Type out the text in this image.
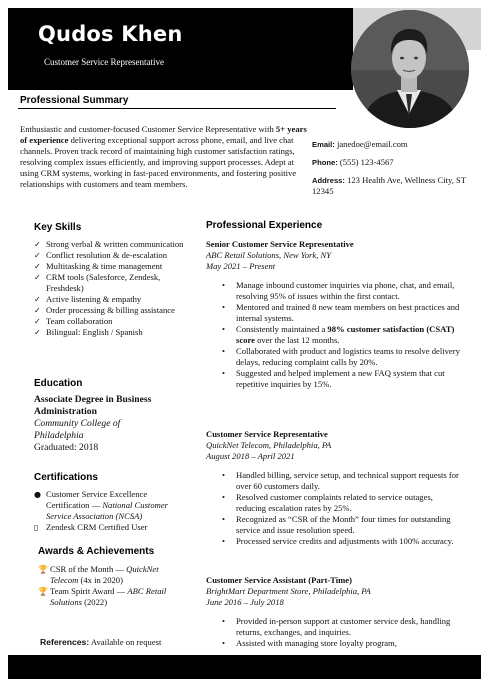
Qudos Khen
Customer Service Representative
Professional Summary
Enthusiastic and customer-focused Customer Service Representative with 5+ years of experience delivering exceptional support across phone, email, and live chat channels. Proven track record of maintaining high customer satisfaction ratings, resolving complex issues efficiently, and improving support processes. Adept at using CRM systems, working in fast-paced environments, and fostering positive relationships with customers and team members.
Email: janedoe@email.com
Phone: (555) 123-4567
Address: 123 Health Ave, Wellness City, ST 12345
Key Skills
✓ Strong verbal & written communication
✓ Conflict resolution & de-escalation
✓ Multitasking & time management
✓ CRM tools (Salesforce, Zendesk, Freshdesk)
✓ Active listening & empathy
✓ Order processing & billing assistance
✓ Team collaboration
✓ Bilingual: English / Spanish
Education
Associate Degree in Business Administration
Community College of Philadelphia
Graduated: 2018
Certifications
● Customer Service Excellence Certification — National Customer Service Association (NCSA)
▯ Zendesk CRM Certified User
Awards & Achievements
🏆 CSR of the Month — QuickNet Telecom (4x in 2020)
🏆 Team Spirit Award — ABC Retail Solutions (2022)
References: Available on request
Professional Experience
Senior Customer Service Representative
ABC Retail Solutions, New York, NY
May 2021 – Present
• Manage inbound customer inquiries via phone, chat, and email, resolving 95% of issues within the first contact.
• Mentored and trained 8 new team members on best practices and internal systems.
• Consistently maintained a 98% customer satisfaction (CSAT) score over the last 12 months.
• Collaborated with product and logistics teams to resolve delivery delays, reducing complaint calls by 20%.
• Suggested and helped implement a new FAQ system that cut repetitive inquiries by 15%.
Customer Service Representative
QuickNet Telecom, Philadelphia, PA
August 2018 – April 2021
• Handled billing, service setup, and technical support requests for over 60 customers daily.
• Resolved customer complaints related to service outages, reducing escalation rates by 25%.
• Recognized as “CSR of the Month” four times for outstanding service and issue resolution speed.
• Processed service credits and adjustments with 100% accuracy.
Customer Service Assistant (Part-Time)
BrightMart Department Store, Philadelphia, PA
June 2016 – July 2018
• Provided in-person support at customer service desk, handling returns, exchanges, and inquiries.
• Assisted with managing store loyalty program,
